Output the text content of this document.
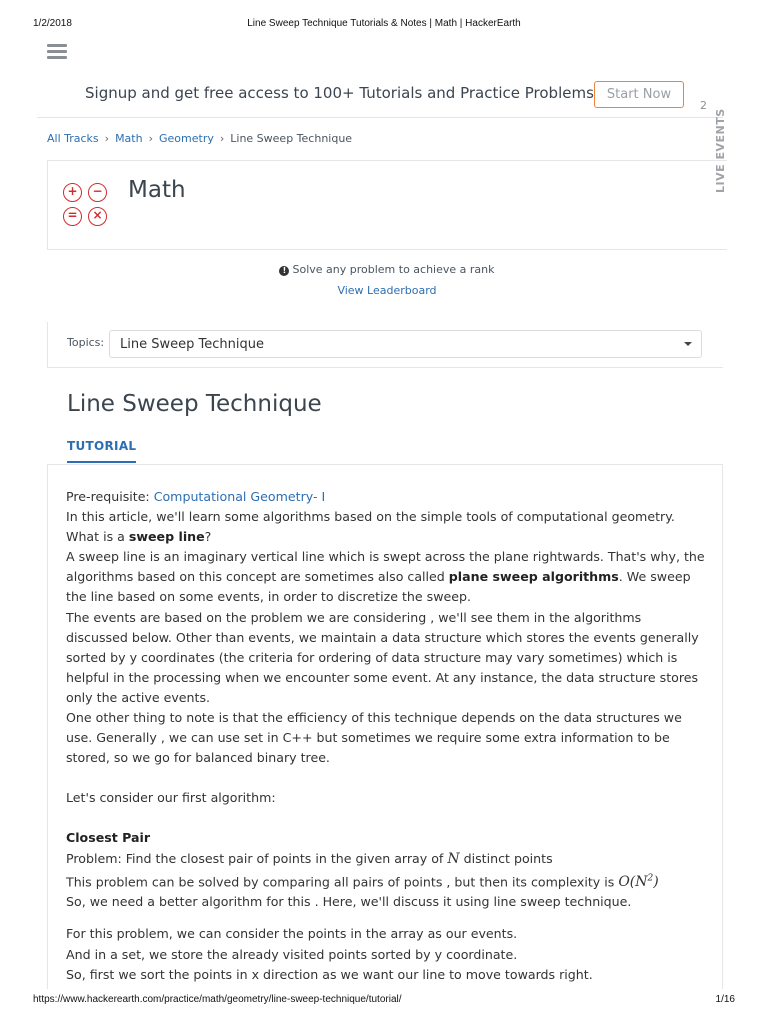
1/2/2018	Line Sweep Technique Tutorials & Notes | Math | HackerEarth
Signup and get free access to 100+ Tutorials and Practice Problems	Start Now
2
LIVE EVENTS
All Tracks › Math › Geometry › Line Sweep Technique
+	−
=	×
Math
! Solve any problem to achieve a rank
View Leaderboard
Topics:	Line Sweep Technique
Line Sweep Technique
TUTORIAL

Pre-requisite: Computational Geometry- I

In this article, we'll learn some algorithms based on the simple tools of computational geometry.

What is a sweep line?

A sweep line is an imaginary vertical line which is swept across the plane rightwards. That's why, the algorithms based on this concept are sometimes also called plane sweep algorithms. We sweep the line based on some events, in order to discretize the sweep.

The events are based on the problem we are considering , we'll see them in the algorithms discussed below. Other than events, we maintain a data structure which stores the events generally sorted by y coordinates (the criteria for ordering of data structure may vary sometimes) which is helpful in the processing when we encounter some event. At any instance, the data structure stores only the active events.

One other thing to note is that the efficiency of this technique depends on the data structures we use. Generally , we can use set in C++ but sometimes we require some extra information to be stored, so we go for balanced binary tree.

Let's consider our first algorithm:

Closest Pair

Problem: Find the closest pair of points in the given array of N distinct points

This problem can be solved by comparing all pairs of points , but then its complexity is $O(N^2)$

So, we need a better algorithm for this . Here, we'll discuss it using line sweep technique.

For this problem, we can consider the points in the array as our events.

And in a set, we store the already visited points sorted by y coordinate.

So, first we sort the points in x direction as we want our line to move towards right.

https://www.hackerearth.com/practice/math/geometry/line-sweep-technique/tutorial/	1/16
